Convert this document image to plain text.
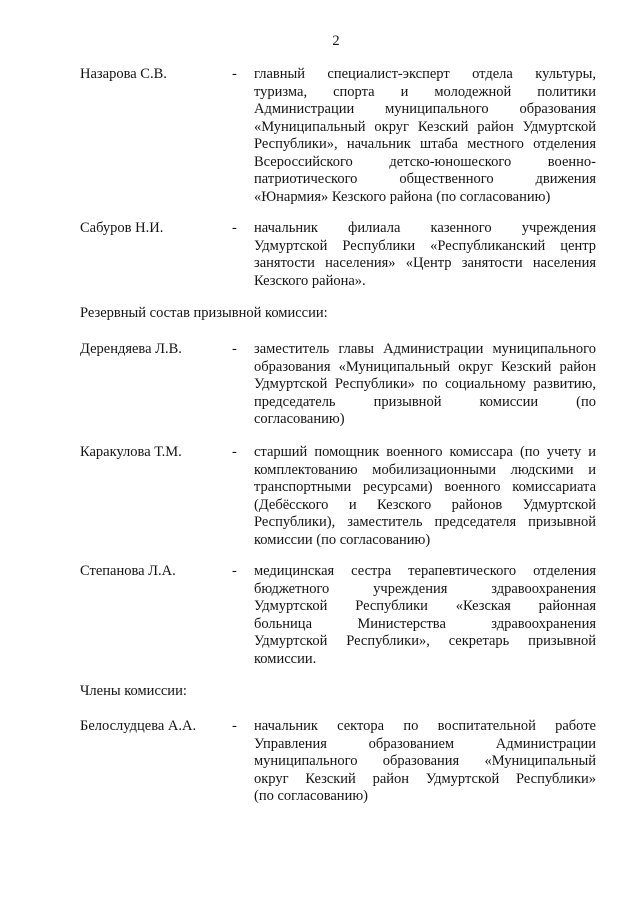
2
Назарова С.В.	- главный специалист-эксперт отдела культуры,
туризма, спорта и молодежной политики
Администрации муниципального образования
«Муниципальный округ Кезский район Удмуртской
Республики», начальник штаба местного отделения
Всероссийского детско-юношеского военно-
патриотического общественного движения
«Юнармия» Кезского района (по согласованию)
Сабуров Н.И.	- начальник филиала казенного учреждения
Удмуртской Республики «Республиканский центр
занятости населения» «Центр занятости населения
Кезского района».
Резервный состав призывной комиссии:
Дерендяева Л.В.	- заместитель главы Администрации муниципального
образования «Муниципальный округ Кезский район
Удмуртской Республики» по социальному развитию,
председатель призывной комиссии (по
согласованию)
Каракулова Т.М.	- старший помощник военного комиссара (по учету и
комплектованию мобилизационными людскими и
транспортными ресурсами) военного комиссариата
(Дебёсского и Кезского районов Удмуртской
Республики), заместитель председателя призывной
комиссии (по согласованию)
Степанова Л.А.	- медицинская сестра терапевтического отделения
бюджетного учреждения здравоохранения
Удмуртской Республики «Кезская районная
больница Министерства здравоохранения
Удмуртской Республики», секретарь призывной
комиссии.
Члены комиссии:
Белослудцева А.А. - начальник сектора по воспитательной работе
Управления образованием Администрации
муниципального образования «Муниципальный
округ Кезский район Удмуртской Республики»
(по согласованию)
